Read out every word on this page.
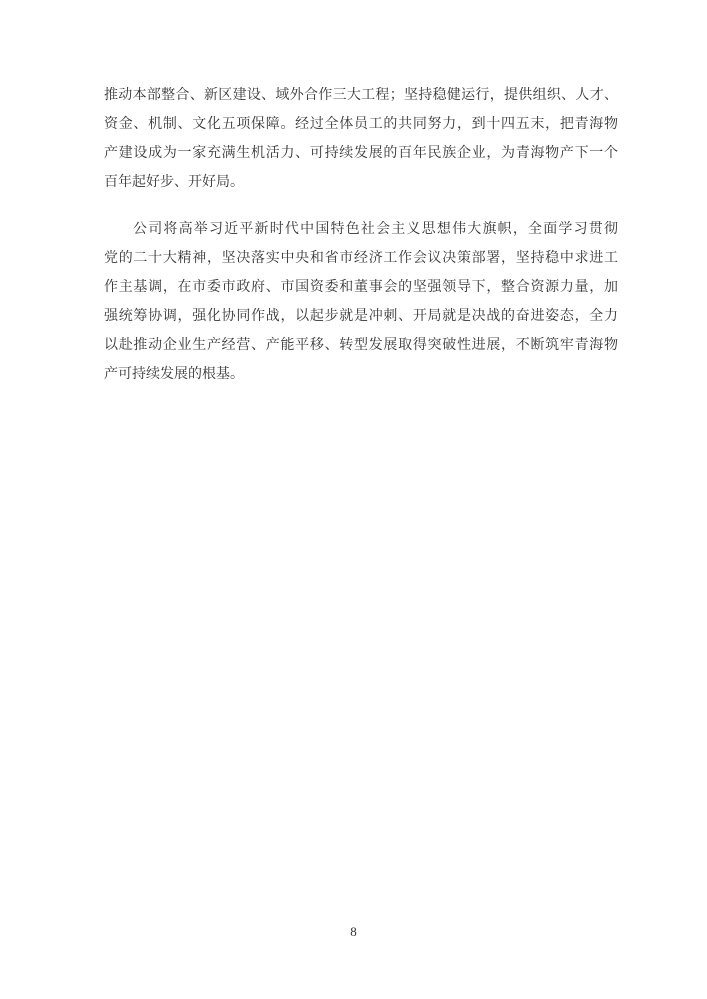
推动本部整合、新区建设、域外合作三大工程；坚持稳健运行，提供组织、人才、
资金、机制、文化五项保障。经过全体员工的共同努力，到十四五末，把青海物
产建设成为一家充满生机活力、可持续发展的百年民族企业，为青海物产下一个
百年起好步、开好局。
公司将高举习近平新时代中国特色社会主义思想伟大旗帜，全面学习贯彻
党的二十大精神，坚决落实中央和省市经济工作会议决策部署，坚持稳中求进工
作主基调，在市委市政府、市国资委和董事会的坚强领导下，整合资源力量，加
强统筹协调，强化协同作战，以起步就是冲刺、开局就是决战的奋进姿态，全力
以赴推动企业生产经营、产能平移、转型发展取得突破性进展，不断筑牢青海物
产可持续发展的根基。
8
